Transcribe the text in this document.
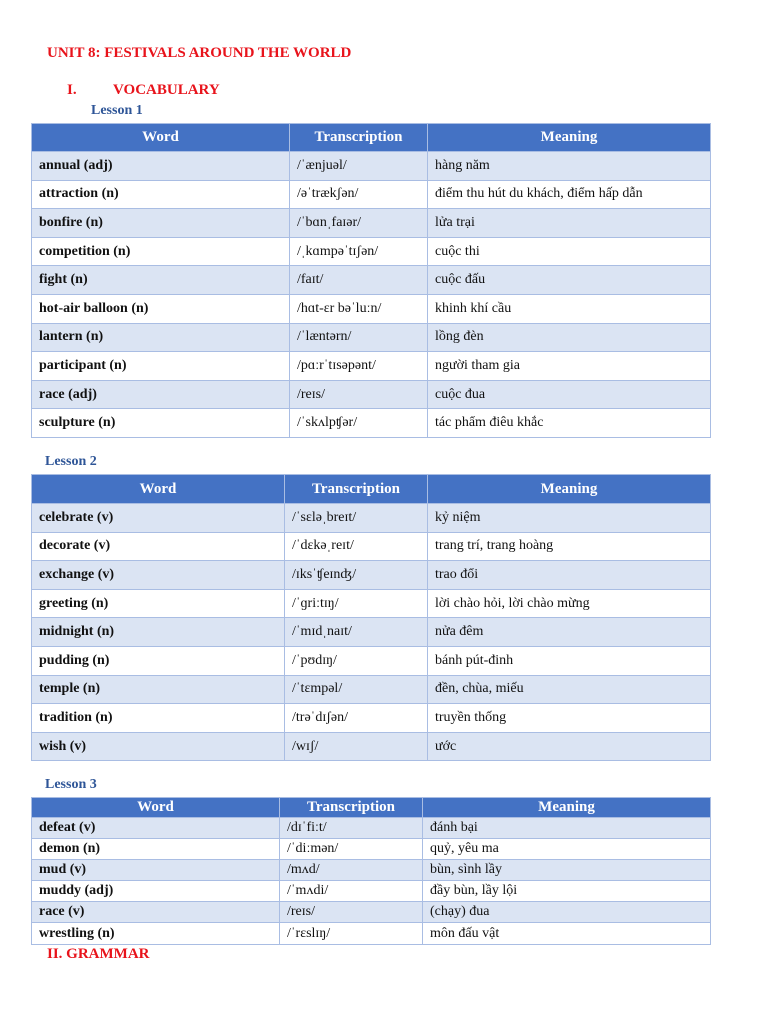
UNIT 8: FESTIVALS AROUND THE WORLD
I. VOCABULARY
Lesson 1
Word	Transcription	Meaning
annual (adj)	/ˈænjuəl/	hàng năm
attraction (n)	/əˈtrækʃən/	điểm thu hút du khách, điểm hấp dẫn
bonfire (n)	/ˈbɑnˌfaɪər/	lửa trại
competition (n)	/ˌkɑmpəˈtɪʃən/	cuộc thi
fight (n)	/faɪt/	cuộc đấu
hot-air balloon (n)	/hɑt-ɛr bəˈluːn/	khinh khí cầu
lantern (n)	/ˈlæntərn/	lồng đèn
participant (n)	/pɑːrˈtɪsəpənt/	người tham gia
race (adj)	/reɪs/	cuộc đua
sculpture (n)	/ˈskʌlpʧər/	tác phẩm điêu khắc
Lesson 2
Word	Transcription	Meaning
celebrate (v)	/ˈsɛləˌbreɪt/	kỷ niệm
decorate (v)	/ˈdɛkəˌreɪt/	trang trí, trang hoàng
exchange (v)	/ɪksˈʧeɪnʤ/	trao đổi
greeting (n)	/ˈɡriːtɪŋ/	lời chào hỏi, lời chào mừng
midnight (n)	/ˈmɪdˌnaɪt/	nửa đêm
pudding (n)	/ˈpʊdɪŋ/	bánh pút-đinh
temple (n)	/ˈtɛmpəl/	đền, chùa, miếu
tradition (n)	/trəˈdɪʃən/	truyền thống
wish (v)	/wɪʃ/	ước
Lesson 3
Word	Transcription	Meaning
defeat (v)	/dɪˈfiːt/	đánh bại
demon (n)	/ˈdiːmən/	quỷ, yêu ma
mud (v)	/mʌd/	bùn, sình lầy
muddy (adj)	/ˈmʌdi/	đầy bùn, lầy lội
race (v)	/reɪs/	(chạy) đua
wrestling (n)	/ˈrɛslɪŋ/	môn đấu vật
II. GRAMMAR
